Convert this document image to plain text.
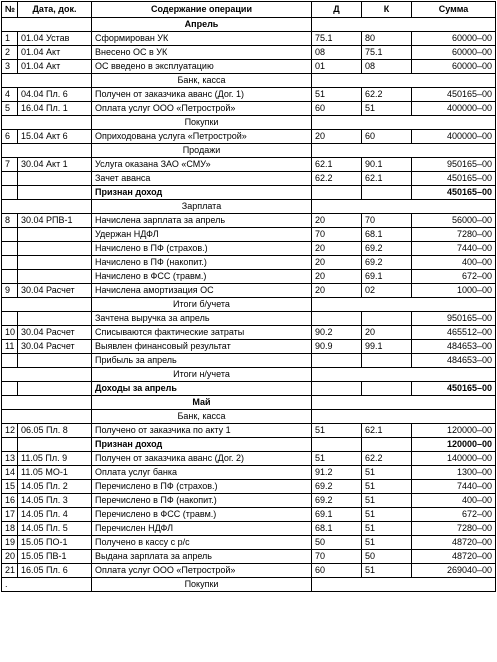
№	Дата, док.	Содержание операции	Д	К	Сумма
		Апрель			
1	01.04 Устав	Сформирован УК	75.1	80	60000–00
2	01.04 Акт	Внесено ОС в УК	08	75.1	60000–00
3	01.04 Акт	ОС введено в эксплуатацию	01	08	60000–00
		Банк, касса			
4	04.04 Пл. 6	Получен от заказчика аванс (Дог. 1)	51	62.2	450165–00
5	16.04 Пл. 1	Оплата услуг ООО «Петрострой»	60	51	400000–00
		Покупки			
6	15.04 Акт 6	Оприходована услуга «Петрострой»	20	60	400000–00
		Продажи			
7	30.04 Акт 1	Услуга оказана ЗАО «СМУ»	62.1	90.1	950165–00
		Зачет аванса	62.2	62.1	450165–00
		Признан доход			450165–00
		Зарплата			
8	30.04 РПВ-1	Начислена зарплата за апрель	20	70	56000–00
		Удержан НДФЛ	70	68.1	7280–00
		Начислено в ПФ (страхов.)	20	69.2	7440–00
		Начислено в ПФ (накопит.)	20	69.2	400–00
		Начислено в ФСС (травм.)	20	69.1	672–00
9	30.04 Расчет	Начислена амортизация ОС	20	02	1000–00
		Итоги б/учета			
		Зачтена выручка за апрель			950165–00
10	30.04 Расчет	Списываются фактические затраты	90.2	20	465512–00
11	30.04 Расчет	Выявлен финансовый результат	90.9	99.1	484653–00
		Прибыль за апрель			484653–00
		Итоги н/учета			
		Доходы за апрель			450165–00
		Май			
		Банк, касса			
12	06.05 Пл. 8	Получено от заказчика по акту 1	51	62.1	120000–00
		Признан доход			120000–00
13	11.05 Пл. 9	Получен от заказчика аванс (Дог. 2)	51	62.2	140000–00
14	11.05 МО-1	Оплата услуг банка	91.2	51	1300–00
15	14.05 Пл. 2	Перечислено в ПФ (страхов.)	69.2	51	7440–00
16	14.05 Пл. 3	Перечислено в ПФ (накопит.)	69.2	51	400–00
17	14.05 Пл. 4	Перечислено в ФСС (травм.)	69.1	51	672–00
18	14.05 Пл. 5	Перечислен НДФЛ	68.1	51	7280–00
19	15.05 ПО-1	Получено в кассу с р/с	50	51	48720–00
20	15.05 ПВ-1	Выдана зарплата за апрель	70	50	48720–00
21	16.05 Пл. 6	Оплата услуг ООО «Петрострой»	60	51	269040–00
.		Покупки			
